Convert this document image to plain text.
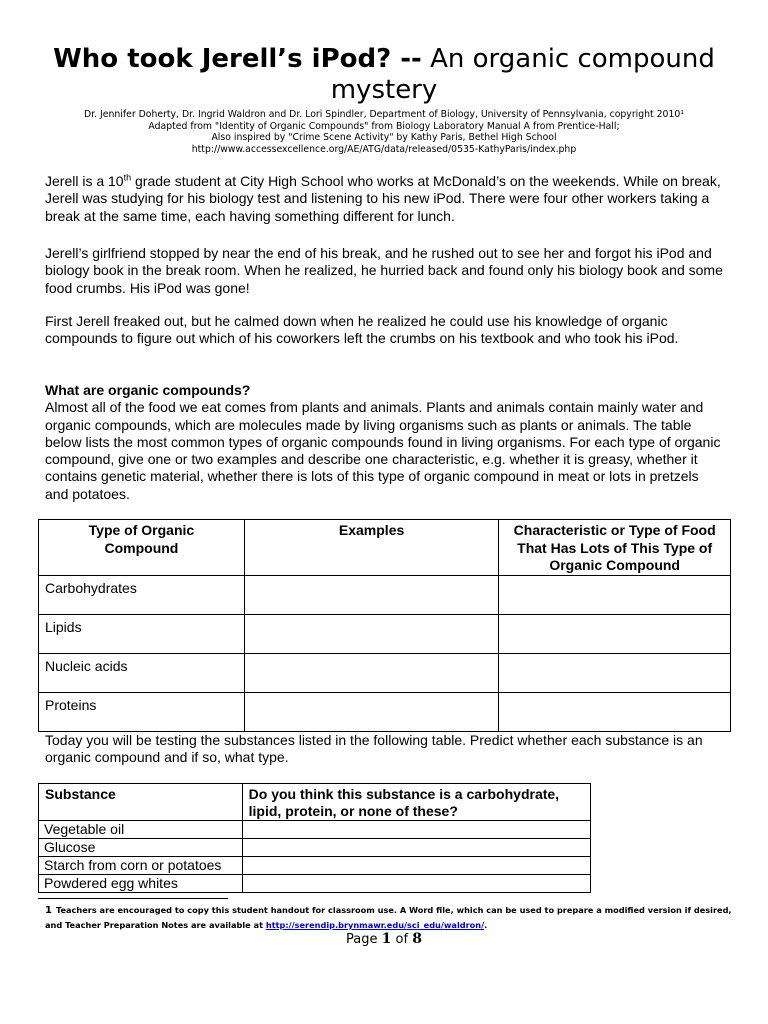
Who took Jerell’s iPod? -- An organic compound mystery
Dr. Jennifer Doherty, Dr. Ingrid Waldron and Dr. Lori Spindler, Department of Biology, University of Pennsylvania, copyright 2010¹
Adapted from "Identity of Organic Compounds" from Biology Laboratory Manual A from Prentice-Hall;
Also inspired by "Crime Scene Activity" by Kathy Paris, Bethel High School
http://www.accessexcellence.org/AE/ATG/data/released/0535-KathyParis/index.php
Jerell is a 10th grade student at City High School who works at McDonald’s on the weekends. While on break, Jerell was studying for his biology test and listening to his new iPod. There were four other workers taking a break at the same time, each having something different for lunch.
Jerell’s girlfriend stopped by near the end of his break, and he rushed out to see her and forgot his iPod and biology book in the break room. When he realized, he hurried back and found only his biology book and some food crumbs. His iPod was gone!
First Jerell freaked out, but he calmed down when he realized he could use his knowledge of organic compounds to figure out which of his coworkers left the crumbs on his textbook and who took his iPod.
What are organic compounds?
Almost all of the food we eat comes from plants and animals. Plants and animals contain mainly water and organic compounds, which are molecules made by living organisms such as plants or animals. The table below lists the most common types of organic compounds found in living organisms. For each type of organic compound, give one or two examples and describe one characteristic, e.g. whether it is greasy, whether it contains genetic material, whether there is lots of this type of organic compound in meat or lots in pretzels and potatoes.
Type of Organic Compound	Examples	Characteristic or Type of Food That Has Lots of This Type of Organic Compound

Carbohydrates		
Lipids		
Nucleic acids		
Proteins		
Today you will be testing the substances listed in the following table. Predict whether each substance is an organic compound and if so, what type.
Substance	Do you think this substance is a carbohydrate, lipid, protein, or none of these?
Vegetable oil	
Glucose	
Starch from corn or potatoes	
Powdered egg whites	
1 Teachers are encouraged to copy this student handout for classroom use. A Word file, which can be used to prepare a modified version if desired, and Teacher Preparation Notes are available at http://serendip.brynmawr.edu/sci_edu/waldron/.
Page 1 of 8
